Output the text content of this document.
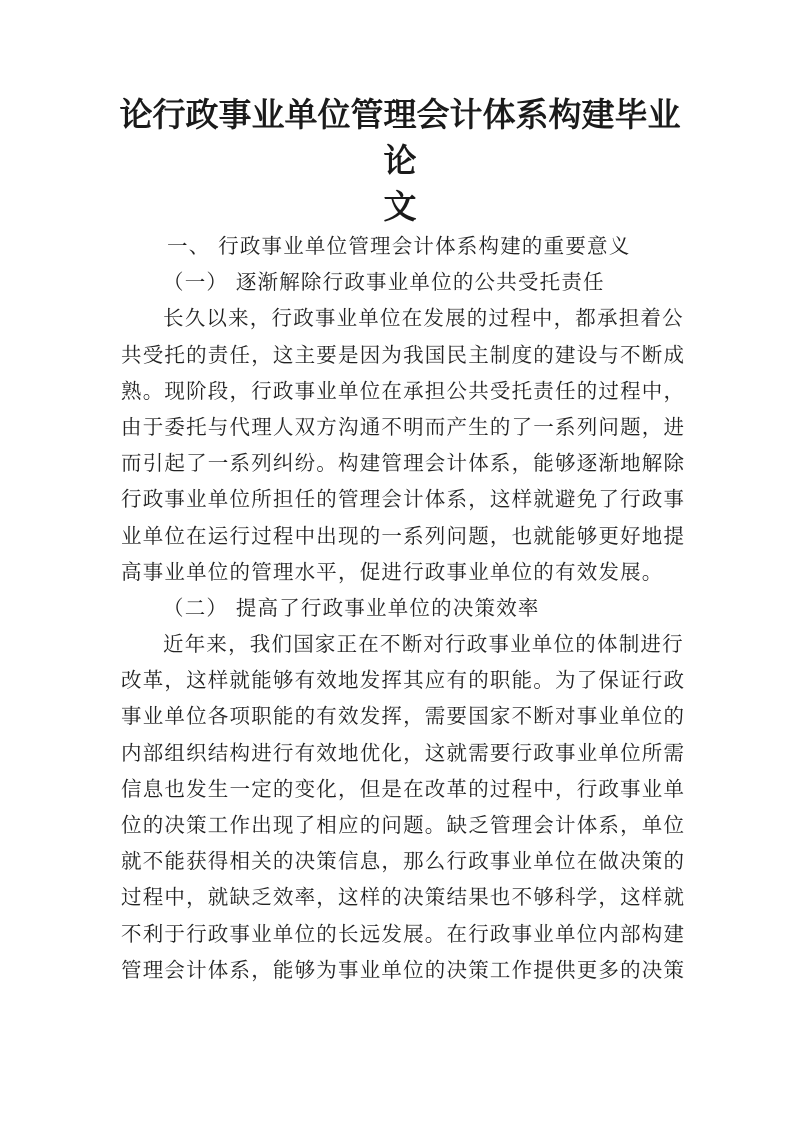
论行政事业单位管理会计体系构建毕业论
文
一、 行政事业单位管理会计体系构建的重要意义
（一） 逐渐解除行政事业单位的公共受托责任
长久以来，行政事业单位在发展的过程中，都承担着公
共受托的责任，这主要是因为我国民主制度的建设与不断成
熟。现阶段，行政事业单位在承担公共受托责任的过程中，
由于委托与代理人双方沟通不明而产生的了一系列问题，进
而引起了一系列纠纷。构建管理会计体系，能够逐渐地解除
行政事业单位所担任的管理会计体系，这样就避免了行政事
业单位在运行过程中出现的一系列问题，也就能够更好地提
高事业单位的管理水平，促进行政事业单位的有效发展。
（二） 提高了行政事业单位的决策效率
近年来，我们国家正在不断对行政事业单位的体制进行
改革，这样就能够有效地发挥其应有的职能。为了保证行政
事业单位各项职能的有效发挥，需要国家不断对事业单位的
内部组织结构进行有效地优化，这就需要行政事业单位所需
信息也发生一定的变化，但是在改革的过程中，行政事业单
位的决策工作出现了相应的问题。缺乏管理会计体系，单位
就不能获得相关的决策信息，那么行政事业单位在做决策的
过程中，就缺乏效率，这样的决策结果也不够科学，这样就
不利于行政事业单位的长远发展。在行政事业单位内部构建
管理会计体系，能够为事业单位的决策工作提供更多的决策
